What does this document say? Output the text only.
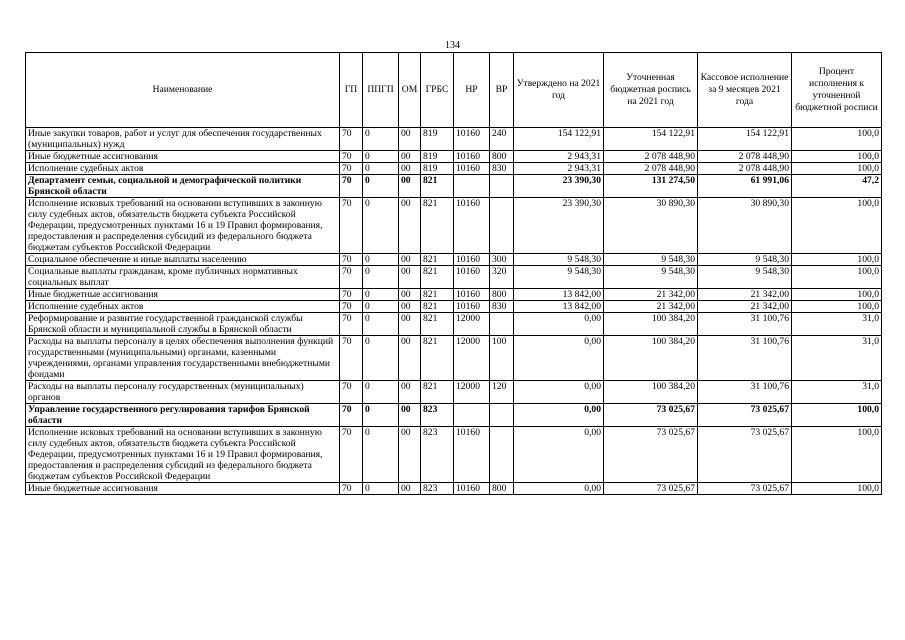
134
Наименование	ГП	ППГП	ОМ	ГРБС	НР	ВР	Утверждено на 2021 год	Уточненная бюджетная роспись на 2021 год	Кассовое исполнение за 9 месяцев 2021 года	Процент исполнения к уточненной бюджетной росписи
Иные закупки товаров, работ и услуг для обеспечения государственных (муниципальных) нужд	70	0	00	819	10160	240	154 122,91	154 122,91	154 122,91	100,0
Иные бюджетные ассигнования	70	0	00	819	10160	800	2 943,31	2 078 448,90	2 078 448,90	100,0
Исполнение судебных актов	70	0	00	819	10160	830	2 943,31	2 078 448,90	2 078 448,90	100,0
Департамент семьи, социальной и демографической политики Брянской области	70	0	00	821			23 390,30	131 274,50	61 991,06	47,2
Исполнение исковых требований на основании вступивших в законную силу судебных актов, обязательств бюджета субъекта Российской Федерации, предусмотренных пунктами 16 и 19 Правил формирования, предоставления и распределения субсидий из федерального бюджета бюджетам субъектов Российской Федерации	70	0	00	821	10160		23 390,30	30 890,30	30 890,30	100,0
Социальное обеспечение и иные выплаты населению	70	0	00	821	10160	300	9 548,30	9 548,30	9 548,30	100,0
Социальные выплаты гражданам, кроме публичных нормативных социальных выплат	70	0	00	821	10160	320	9 548,30	9 548,30	9 548,30	100,0
Иные бюджетные ассигнования	70	0	00	821	10160	800	13 842,00	21 342,00	21 342,00	100,0
Исполнение судебных актов	70	0	00	821	10160	830	13 842,00	21 342,00	21 342,00	100,0
Реформирование и развитие государственной гражданской службы Брянской области и муниципальной службы в Брянской области	70	0	00	821	12000		0,00	100 384,20	31 100,76	31,0
Расходы на выплаты персоналу в целях обеспечения выполнения функций государственными (муниципальными) органами, казенными учреждениями, органами управления государственными внебюджетными фондами	70	0	00	821	12000	100	0,00	100 384,20	31 100,76	31,0
Расходы на выплаты персоналу государственных (муниципальных) органов	70	0	00	821	12000	120	0,00	100 384,20	31 100,76	31,0
Управление государственного регулирования тарифов Брянской области	70	0	00	823			0,00	73 025,67	73 025,67	100,0
Исполнение исковых требований на основании вступивших в законную силу судебных актов, обязательств бюджета субъекта Российской Федерации, предусмотренных пунктами 16 и 19 Правил формирования, предоставления и распределения субсидий из федерального бюджета бюджетам субъектов Российской Федерации	70	0	00	823	10160		0,00	73 025,67	73 025,67	100,0
Иные бюджетные ассигнования	70	0	00	823	10160	800	0,00	73 025,67	73 025,67	100,0
